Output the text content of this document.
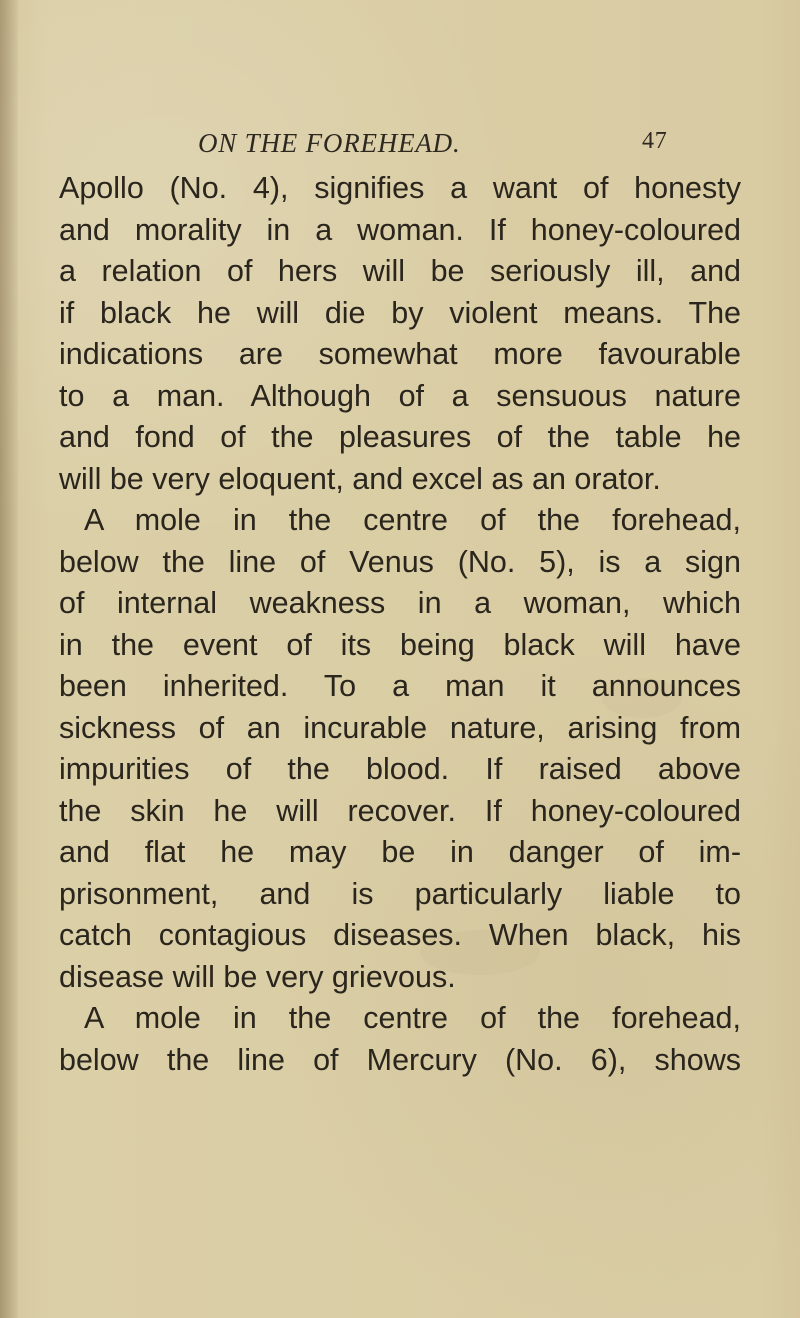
ON THE FOREHEAD.	47
Apollo (No. 4), signifies a want of honesty
and morality in a woman. If honey-coloured
a relation of hers will be seriously ill, and
if black he will die by violent means. The
indications are somewhat more favourable
to a man. Although of a sensuous nature
and fond of the pleasures of the table he
will be very eloquent, and excel as an orator.
A mole in the centre of the forehead,
below the line of Venus (No. 5), is a sign
of internal weakness in a woman, which
in the event of its being black will have
been inherited. To a man it announces
sickness of an incurable nature, arising from
impurities of the blood. If raised above
the skin he will recover. If honey-coloured
and flat he may be in danger of im-
prisonment, and is particularly liable to
catch contagious diseases. When black, his
disease will be very grievous.
A mole in the centre of the forehead,
below the line of Mercury (No. 6), shows
